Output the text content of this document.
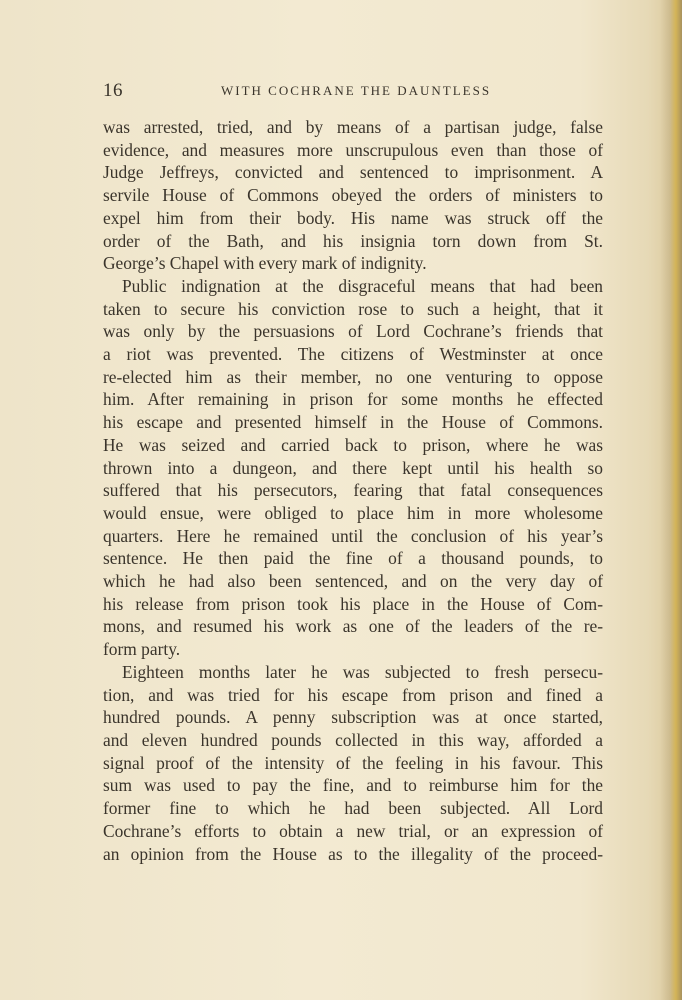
16	WITH COCHRANE THE DAUNTLESS

was arrested, tried, and by means of a partisan judge, false
evidence, and measures more unscrupulous even than those of
Judge Jeffreys, convicted and sentenced to imprisonment. A
servile House of Commons obeyed the orders of ministers to
expel him from their body. His name was struck off the
order of the Bath, and his insignia torn down from St.
George’s Chapel with every mark of indignity.

Public indignation at the disgraceful means that had been
taken to secure his conviction rose to such a height, that it
was only by the persuasions of Lord Cochrane’s friends that
a riot was prevented. The citizens of Westminster at once
re-elected him as their member, no one venturing to oppose
him. After remaining in prison for some months he effected
his escape and presented himself in the House of Commons.
He was seized and carried back to prison, where he was
thrown into a dungeon, and there kept until his health so
suffered that his persecutors, fearing that fatal consequences
would ensue, were obliged to place him in more wholesome
quarters. Here he remained until the conclusion of his year’s
sentence. He then paid the fine of a thousand pounds, to
which he had also been sentenced, and on the very day of
his release from prison took his place in the House of Com-
mons, and resumed his work as one of the leaders of the re-
form party.

Eighteen months later he was subjected to fresh persecu-
tion, and was tried for his escape from prison and fined a
hundred pounds. A penny subscription was at once started,
and eleven hundred pounds collected in this way, afforded a
signal proof of the intensity of the feeling in his favour. This
sum was used to pay the fine, and to reimburse him for the
former fine to which he had been subjected. All Lord
Cochrane’s efforts to obtain a new trial, or an expression of
an opinion from the House as to the illegality of the proceed-
